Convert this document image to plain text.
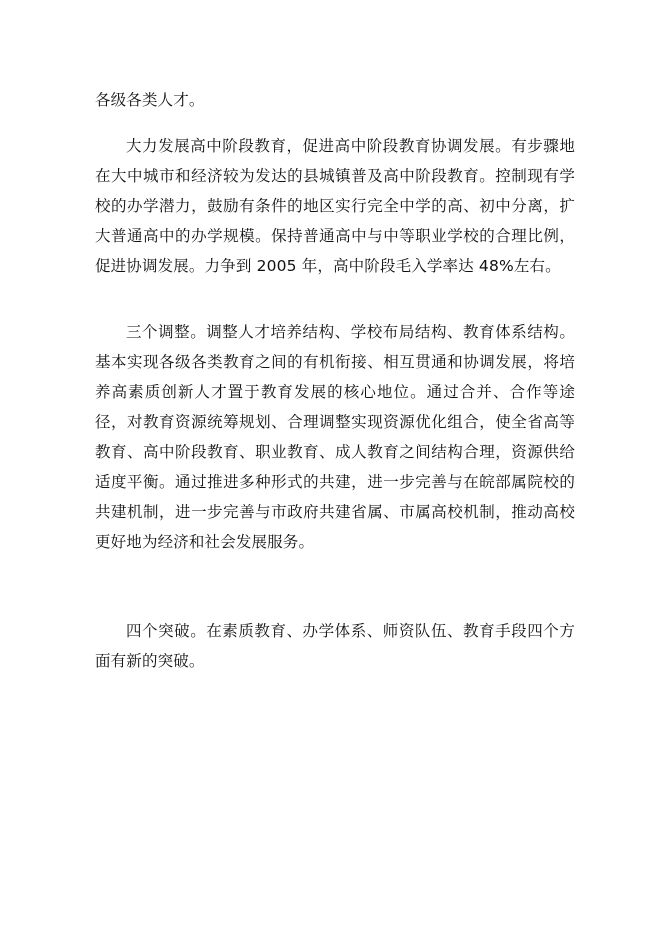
各级各类人才。

大力发展高中阶段教育，促进高中阶段教育协调发展。有步骤地在大中城市和经济较为发达的县城镇普及高中阶段教育。控制现有学校的办学潜力，鼓励有条件的地区实行完全中学的高、初中分离，扩大普通高中的办学规模。保持普通高中与中等职业学校的合理比例，促进协调发展。力争到 2005 年，高中阶段毛入学率达 48%左右。

三个调整。调整人才培养结构、学校布局结构、教育体系结构。基本实现各级各类教育之间的有机衔接、相互贯通和协调发展，将培养高素质创新人才置于教育发展的核心地位。通过合并、合作等途径，对教育资源统筹规划、合理调整实现资源优化组合，使全省高等教育、高中阶段教育、职业教育、成人教育之间结构合理，资源供给适度平衡。通过推进多种形式的共建，进一步完善与在皖部属院校的共建机制，进一步完善与市政府共建省属、市属高校机制，推动高校更好地为经济和社会发展服务。

四个突破。在素质教育、办学体系、师资队伍、教育手段四个方面有新的突破。
